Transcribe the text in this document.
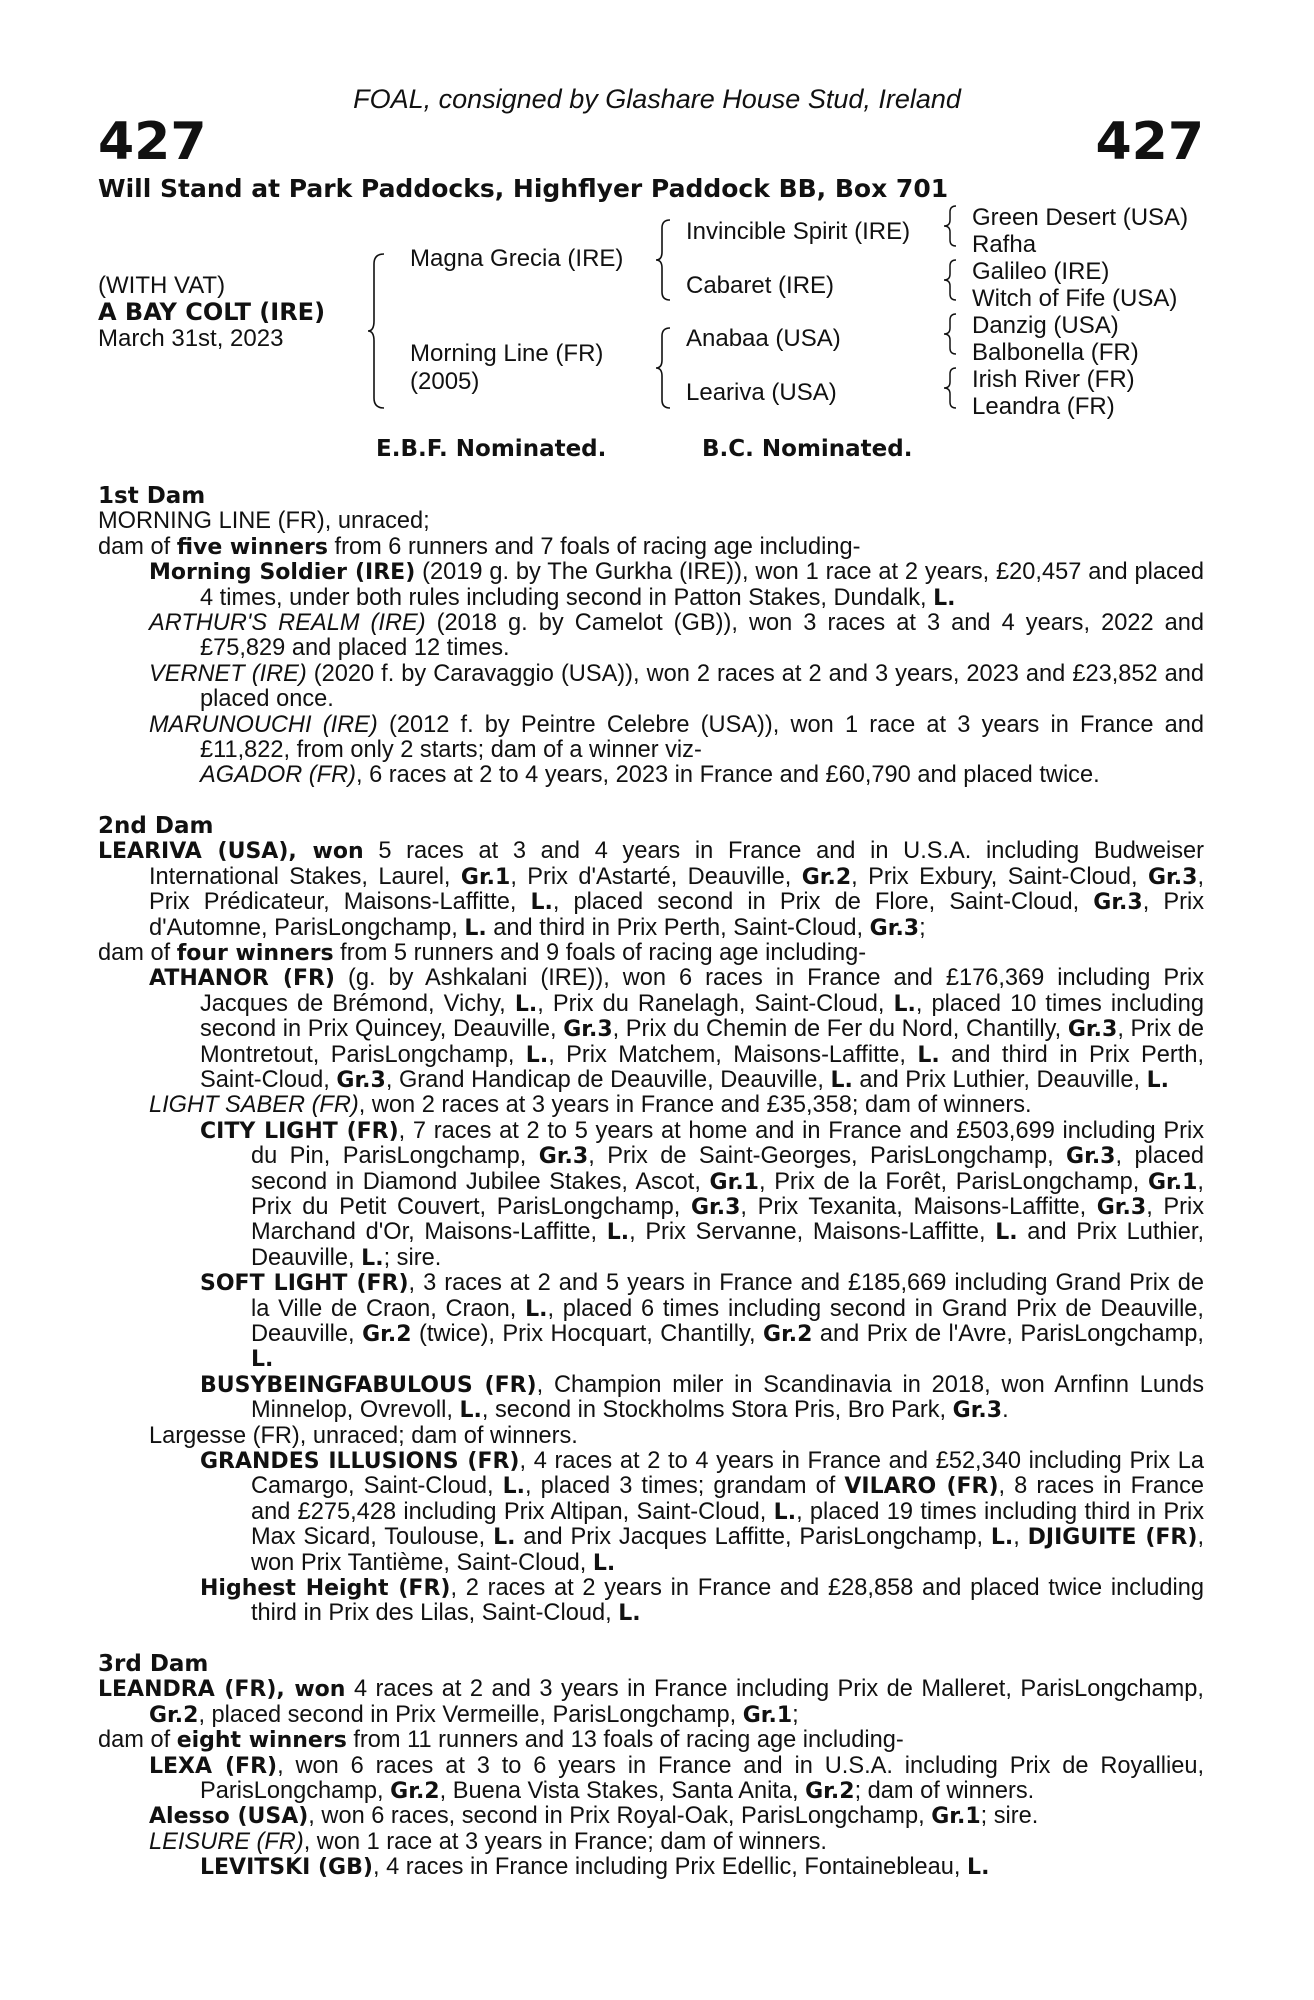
FOAL, consigned by Glashare House Stud, Ireland
427	427
Will Stand at Park Paddocks, Highflyer Paddock BB, Box 701
(WITH VAT)
A BAY COLT (IRE)
March 31st, 2023
Magna Grecia (IRE)
Morning Line (FR)
(2005)
Invincible Spirit (IRE)
Cabaret (IRE)
Anabaa (USA)
Leariva (USA)
Green Desert (USA)
Rafha
Galileo (IRE)
Witch of Fife (USA)
Danzig (USA)
Balbonella (FR)
Irish River (FR)
Leandra (FR)
E.B.F. Nominated.	B.C. Nominated.
1st Dam
MORNING LINE (FR), unraced;
dam of five winners from 6 runners and 7 foals of racing age including-
Morning Soldier (IRE) (2019 g. by The Gurkha (IRE)), won 1 race at 2 years, £20,457 and placed 4 times, under both rules including second in Patton Stakes, Dundalk, L.
ARTHUR'S REALM (IRE) (2018 g. by Camelot (GB)), won 3 races at 3 and 4 years, 2022 and £75,829 and placed 12 times.
VERNET (IRE) (2020 f. by Caravaggio (USA)), won 2 races at 2 and 3 years, 2023 and £23,852 and placed once.
MARUNOUCHI (IRE) (2012 f. by Peintre Celebre (USA)), won 1 race at 3 years in France and £11,822, from only 2 starts; dam of a winner viz-
AGADOR (FR), 6 races at 2 to 4 years, 2023 in France and £60,790 and placed twice.
2nd Dam
LEARIVA (USA), won 5 races at 3 and 4 years in France and in U.S.A. including Budweiser International Stakes, Laurel, Gr.1, Prix d'Astarté, Deauville, Gr.2, Prix Exbury, Saint-Cloud, Gr.3, Prix Prédicateur, Maisons-Laffitte, L., placed second in Prix de Flore, Saint-Cloud, Gr.3, Prix d'Automne, ParisLongchamp, L. and third in Prix Perth, Saint-Cloud, Gr.3;
dam of four winners from 5 runners and 9 foals of racing age including-
ATHANOR (FR) (g. by Ashkalani (IRE)), won 6 races in France and £176,369 including Prix Jacques de Brémond, Vichy, L., Prix du Ranelagh, Saint-Cloud, L., placed 10 times including second in Prix Quincey, Deauville, Gr.3, Prix du Chemin de Fer du Nord, Chantilly, Gr.3, Prix de Montretout, ParisLongchamp, L., Prix Matchem, Maisons-Laffitte, L. and third in Prix Perth, Saint-Cloud, Gr.3, Grand Handicap de Deauville, Deauville, L. and Prix Luthier, Deauville, L.
LIGHT SABER (FR), won 2 races at 3 years in France and £35,358; dam of winners.
CITY LIGHT (FR), 7 races at 2 to 5 years at home and in France and £503,699 including Prix du Pin, ParisLongchamp, Gr.3, Prix de Saint-Georges, ParisLongchamp, Gr.3, placed second in Diamond Jubilee Stakes, Ascot, Gr.1, Prix de la Forêt, ParisLongchamp, Gr.1, Prix du Petit Couvert, ParisLongchamp, Gr.3, Prix Texanita, Maisons-Laffitte, Gr.3, Prix Marchand d'Or, Maisons-Laffitte, L., Prix Servanne, Maisons-Laffitte, L. and Prix Luthier, Deauville, L.; sire.
SOFT LIGHT (FR), 3 races at 2 and 5 years in France and £185,669 including Grand Prix de la Ville de Craon, Craon, L., placed 6 times including second in Grand Prix de Deauville, Deauville, Gr.2 (twice), Prix Hocquart, Chantilly, Gr.2 and Prix de l'Avre, ParisLongchamp, L.
BUSYBEINGFABULOUS (FR), Champion miler in Scandinavia in 2018, won Arnfinn Lunds Minnelop, Ovrevoll, L., second in Stockholms Stora Pris, Bro Park, Gr.3.
Largesse (FR), unraced; dam of winners.
GRANDES ILLUSIONS (FR), 4 races at 2 to 4 years in France and £52,340 including Prix La Camargo, Saint-Cloud, L., placed 3 times; grandam of VILARO (FR), 8 races in France and £275,428 including Prix Altipan, Saint-Cloud, L., placed 19 times including third in Prix Max Sicard, Toulouse, L. and Prix Jacques Laffitte, ParisLongchamp, L., DJIGUITE (FR), won Prix Tantième, Saint-Cloud, L.
Highest Height (FR), 2 races at 2 years in France and £28,858 and placed twice including third in Prix des Lilas, Saint-Cloud, L.
3rd Dam
LEANDRA (FR), won 4 races at 2 and 3 years in France including Prix de Malleret, ParisLongchamp, Gr.2, placed second in Prix Vermeille, ParisLongchamp, Gr.1;
dam of eight winners from 11 runners and 13 foals of racing age including-
LEXA (FR), won 6 races at 3 to 6 years in France and in U.S.A. including Prix de Royallieu, ParisLongchamp, Gr.2, Buena Vista Stakes, Santa Anita, Gr.2; dam of winners.
Alesso (USA), won 6 races, second in Prix Royal-Oak, ParisLongchamp, Gr.1; sire.
LEISURE (FR), won 1 race at 3 years in France; dam of winners.
LEVITSKI (GB), 4 races in France including Prix Edellic, Fontainebleau, L.
